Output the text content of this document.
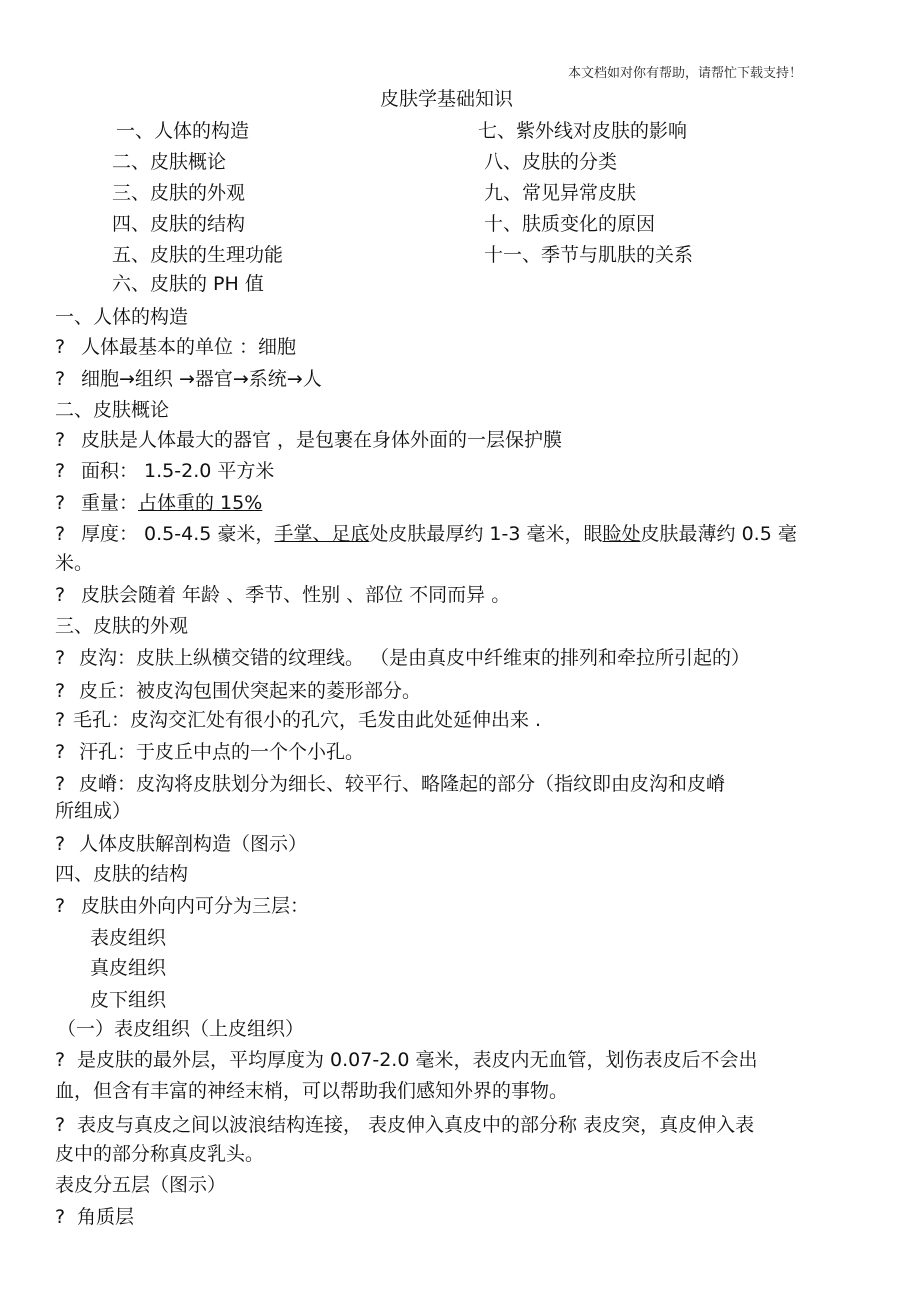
本文档如对你有帮助，请帮忙下载支持！
皮肤学基础知识
一、人体的构造
二、皮肤概论
三、皮肤的外观
四、皮肤的结构
五、皮肤的生理功能
六、皮肤的 PH 值
七、紫外线对皮肤的影响
八、皮肤的分类
九、常见异常皮肤
十、肤质变化的原因
十一、季节与肌肤的关系
一、人体的构造
? 人体最基本的单位 ：细胞
? 细胞→组织 →器官→系统→人
二、皮肤概论
? 皮肤是人体最大的器官 ，是包裹在身体外面的一层保护膜
? 面积： 1.5-2.0 平方米
? 重量：占体重的 15%
? 厚度： 0.5-4.5 豪米，手掌、足底处皮肤最厚约 1-3 毫米，眼睑处皮肤最薄约 0.5 毫
米。
? 皮肤会随着 年龄 、季节、性别 、部位 不同而异 。
三、皮肤的外观
? 皮沟：皮肤上纵横交错的纹理线。 （是由真皮中纤维束的排列和牵拉所引起的）
? 皮丘：被皮沟包围伏突起来的菱形部分。
? 毛孔：皮沟交汇处有很小的孔穴，毛发由此处延伸出来 .
? 汗孔：于皮丘中点的一个个小孔。
? 皮嵴：皮沟将皮肤划分为细长、较平行、略隆起的部分（指纹即由皮沟和皮嵴
所组成）
? 人体皮肤解剖构造（图示）
四、皮肤的结构
? 皮肤由外向内可分为三层：
表皮组织
真皮组织
皮下组织
（一）表皮组织（上皮组织）
? 是皮肤的最外层，平均厚度为 0.07-2.0 毫米，表皮内无血管，划伤表皮后不会出
血，但含有丰富的神经末梢，可以帮助我们感知外界的事物。
? 表皮与真皮之间以波浪结构连接， 表皮伸入真皮中的部分称 表皮突，真皮伸入表
皮中的部分称真皮乳头。
表皮分五层（图示）
? 角质层
